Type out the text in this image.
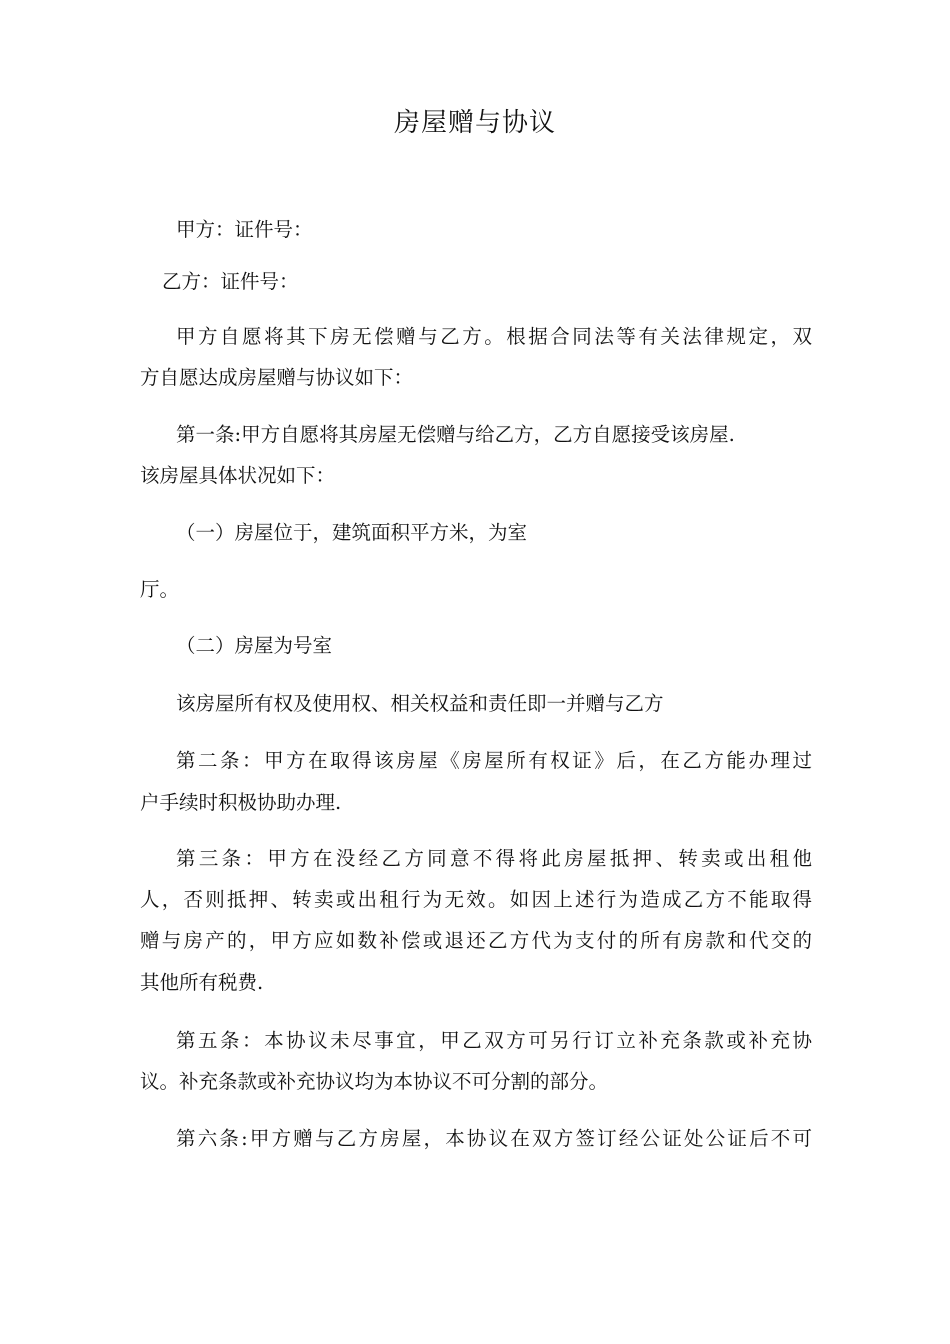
房屋赠与协议
甲方：证件号：
乙方：证件号：
甲方自愿将其下房无偿赠与乙方。根据合同法等有关法律规定，双
方自愿达成房屋赠与协议如下：
第一条:甲方自愿将其房屋无偿赠与给乙方，乙方自愿接受该房屋.
该房屋具体状况如下：
（一）房屋位于，建筑面积平方米，为室
厅。
（二）房屋为号室
该房屋所有权及使用权、相关权益和责任即一并赠与乙方
第二条：甲方在取得该房屋《房屋所有权证》后，在乙方能办理过
户手续时积极协助办理.
第三条：甲方在没经乙方同意不得将此房屋抵押、转卖或出租他
人，否则抵押、转卖或出租行为无效。如因上述行为造成乙方不能取得
赠与房产的，甲方应如数补偿或退还乙方代为支付的所有房款和代交的
其他所有税费.
第五条：本协议未尽事宜，甲乙双方可另行订立补充条款或补充协
议。补充条款或补充协议均为本协议不可分割的部分。
第六条:甲方赠与乙方房屋，本协议在双方签订经公证处公证后不可
